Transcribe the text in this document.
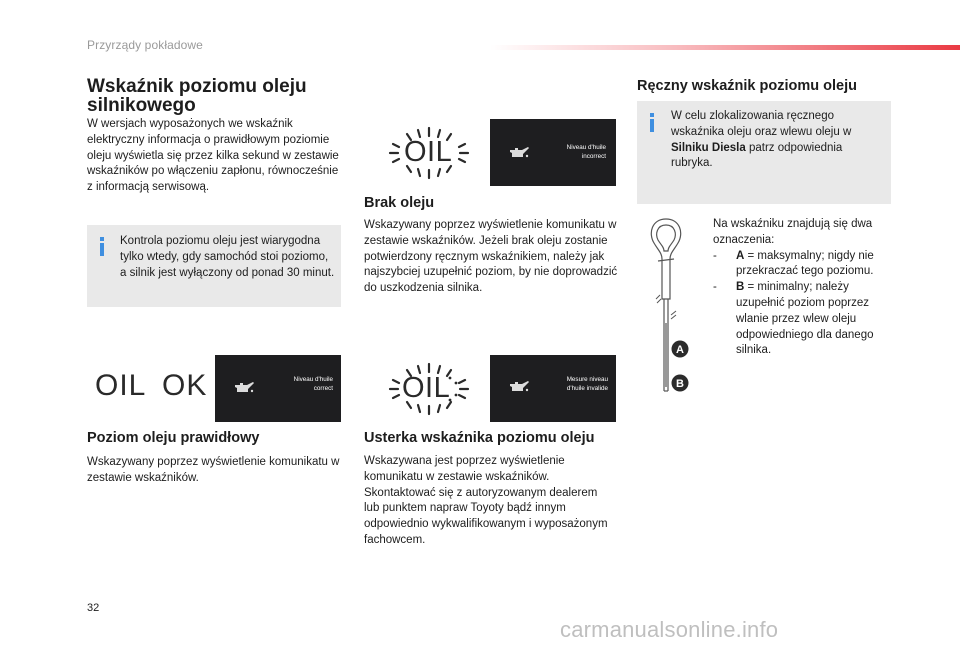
Przyrządy pokładowe
Wskaźnik poziomu oleju silnikowego

W wersjach wyposażonych we wskaźnik elektryczny informacja o prawidłowym poziomie oleju wyświetla się przez kilka sekund w zestawie wskaźników po włączeniu zapłonu, równocześnie z informacją serwisową.

Kontrola poziomu oleju jest wiarygodna tylko wtedy, gdy samochód stoi poziomo, a silnik jest wyłączony od ponad 30 minut.

OIL OK	Niveau d'huile
correct
Poziom oleju prawidłowy

Wskazywany poprzez wyświetlenie komunikatu w zestawie wskaźników.

OIL	Niveau d'huile
incorrect
Brak oleju

Wskazywany poprzez wyświetlenie komunikatu w zestawie wskaźników. Jeżeli brak oleju zostanie potwierdzony ręcznym wskaźnikiem, należy jak najszybciej uzupełnić poziom, by nie doprowadzić do uszkodzenia silnika.

OIL	Mesure niveau
d'huile invalide
Usterka wskaźnika poziomu oleju

Wskazywana jest poprzez wyświetlenie komunikatu w zestawie wskaźników. Skontaktować się z autoryzowanym dealerem lub punktem napraw Toyoty bądź innym odpowiednio wykwalifikowanym i wyposażonym fachowcem.

Ręczny wskaźnik poziomu oleju

W celu zlokalizowania ręcznego wskaźnika oleju oraz wlewu oleju w Silniku Diesla patrz odpowiednia rubryka.

A
B

Na wskaźniku znajdują się dwa oznaczenia:

- A = maksymalny; nigdy nie przekraczać tego poziomu.
- B = minimalny; należy uzupełnić poziom poprzez wlanie przez wlew oleju odpowiedniego dla danego silnika.
32
carmanualsonline.info
